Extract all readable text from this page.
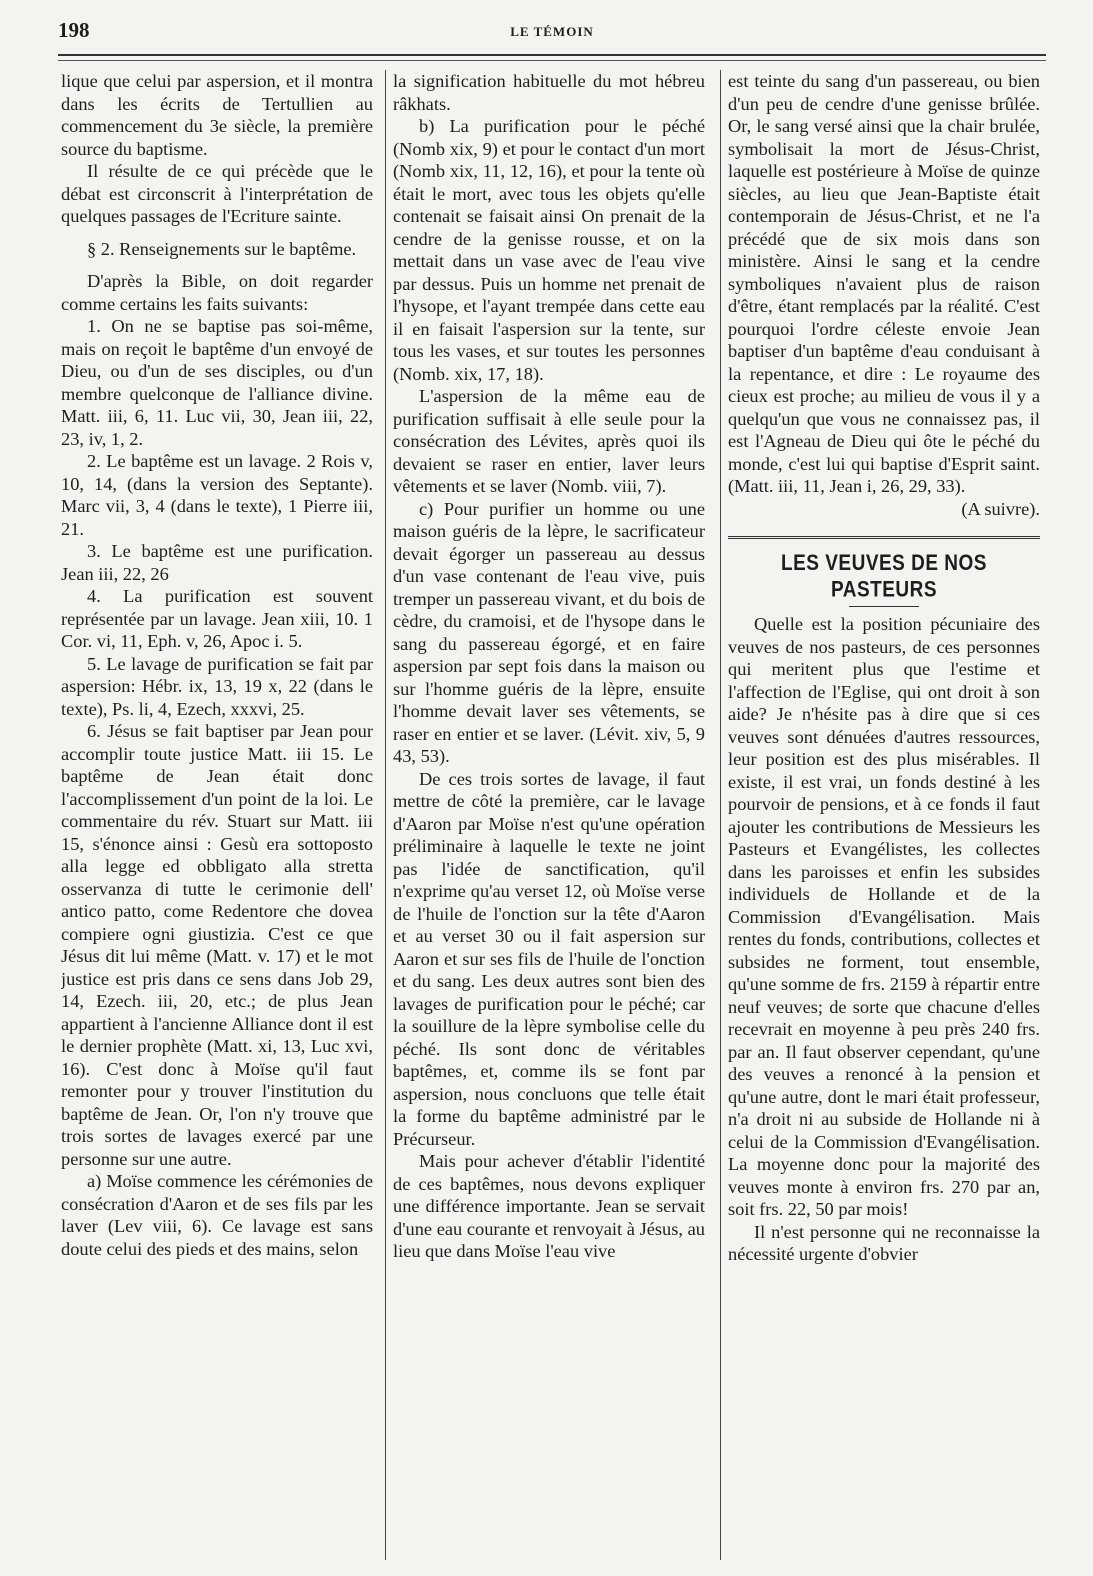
198	LE TÉMOIN

lique que celui par aspersion, et il montra dans les écrits de Tertullien au commencement du 3e siècle, la première source du baptisme.

Il résulte de ce qui précède que le débat est circonscrit à l'interprétation de quelques passages de l'Ecriture sainte.

§ 2. Renseignements sur le baptême.

D'après la Bible, on doit regarder comme certains les faits suivants:

1. On ne se baptise pas soi-même, mais on reçoit le baptême d'un envoyé de Dieu, ou d'un de ses disciples, ou d'un membre quelconque de l'alliance divine. Matt. iii, 6, 11. Luc vii, 30, Jean iii, 22, 23, iv, 1, 2.

2. Le baptême est un lavage. 2 Rois v, 10, 14, (dans la version des Septante). Marc vii, 3, 4 (dans le texte), 1 Pierre iii, 21.

3. Le baptême est une purification. Jean iii, 22, 26

4. La purification est souvent représentée par un lavage. Jean xiii, 10. 1 Cor. vi, 11, Eph. v, 26, Apoc i. 5.

5. Le lavage de purification se fait par aspersion: Hébr. ix, 13, 19 x, 22 (dans le texte), Ps. li, 4, Ezech, xxxvi, 25.

6. Jésus se fait baptiser par Jean pour accomplir toute justice Matt. iii 15. Le baptême de Jean était donc l'accomplissement d'un point de la loi. Le commentaire du rév. Stuart sur Matt. iii 15, s'énonce ainsi : Gesù era sottoposto alla legge ed obbligato alla stretta osservanza di tutte le cerimonie dell' antico patto, come Redentore che dovea compiere ogni giustizia. C'est ce que Jésus dit lui même (Matt. v. 17) et le mot justice est pris dans ce sens dans Job 29, 14, Ezech. iii, 20, etc.; de plus Jean appartient à l'ancienne Alliance dont il est le dernier prophète (Matt. xi, 13, Luc xvi, 16). C'est donc à Moïse qu'il faut remonter pour y trouver l'institution du baptême de Jean. Or, l'on n'y trouve que trois sortes de lavages exercé par une personne sur une autre.

a) Moïse commence les cérémonies de consécration d'Aaron et de ses fils par les laver (Lev viii, 6). Ce lavage est sans doute celui des pieds et des mains, selon

la signification habituelle du mot hébreu râkhats.

b) La purification pour le péché (Nomb xix, 9) et pour le contact d'un mort (Nomb xix, 11, 12, 16), et pour la tente où était le mort, avec tous les objets qu'elle contenait se faisait ainsi On prenait de la cendre de la genisse rousse, et on la mettait dans un vase avec de l'eau vive par dessus. Puis un homme net prenait de l'hysope, et l'ayant trempée dans cette eau il en faisait l'aspersion sur la tente, sur tous les vases, et sur toutes les personnes (Nomb. xix, 17, 18).

L'aspersion de la même eau de purification suffisait à elle seule pour la consécration des Lévites, après quoi ils devaient se raser en entier, laver leurs vêtements et se laver (Nomb. viii, 7).

c) Pour purifier un homme ou une maison guéris de la lèpre, le sacrificateur devait égorger un passereau au dessus d'un vase contenant de l'eau vive, puis tremper un passereau vivant, et du bois de cèdre, du cramoisi, et de l'hysope dans le sang du passereau égorgé, et en faire aspersion par sept fois dans la maison ou sur l'homme guéris de la lèpre, ensuite l'homme devait laver ses vêtements, se raser en entier et se laver. (Lévit. xiv, 5, 9 43, 53).

De ces trois sortes de lavage, il faut mettre de côté la première, car le lavage d'Aaron par Moïse n'est qu'une opération préliminaire à laquelle le texte ne joint pas l'idée de sanctification, qu'il n'exprime qu'au verset 12, où Moïse verse de l'huile de l'onction sur la tête d'Aaron et au verset 30 ou il fait aspersion sur Aaron et sur ses fils de l'huile de l'onction et du sang. Les deux autres sont bien des lavages de purification pour le péché; car la souillure de la lèpre symbolise celle du péché. Ils sont donc de véritables baptêmes, et, comme ils se font par aspersion, nous concluons que telle était la forme du baptême administré par le Précurseur.

Mais pour achever d'établir l'identité de ces baptêmes, nous devons expliquer une différence importante. Jean se servait d'une eau courante et renvoyait à Jésus, au lieu que dans Moïse l'eau vive

est teinte du sang d'un passereau, ou bien d'un peu de cendre d'une genisse brûlée. Or, le sang versé ainsi que la chair brulée, symbolisait la mort de Jésus-Christ, laquelle est postérieure à Moïse de quinze siècles, au lieu que Jean-Baptiste était contemporain de Jésus-Christ, et ne l'a précédé que de six mois dans son ministère. Ainsi le sang et la cendre symboliques n'avaient plus de raison d'être, étant remplacés par la réalité. C'est pourquoi l'ordre céleste envoie Jean baptiser d'un baptême d'eau conduisant à la repentance, et dire : Le royaume des cieux est proche; au milieu de vous il y a quelqu'un que vous ne connaissez pas, il est l'Agneau de Dieu qui ôte le péché du monde, c'est lui qui baptise d'Esprit saint. (Matt. iii, 11, Jean i, 26, 29, 33).

(A suivre).

LES VEUVES DE NOS PASTEURS

Quelle est la position pécuniaire des veuves de nos pasteurs, de ces personnes qui meritent plus que l'estime et l'affection de l'Eglise, qui ont droit à son aide? Je n'hésite pas à dire que si ces veuves sont dénuées d'autres ressources, leur position est des plus misérables. Il existe, il est vrai, un fonds destiné à les pourvoir de pensions, et à ce fonds il faut ajouter les contributions de Messieurs les Pasteurs et Evangélistes, les collectes dans les paroisses et enfin les subsides individuels de Hollande et de la Commission d'Evangélisation. Mais rentes du fonds, contributions, collectes et subsides ne forment, tout ensemble, qu'une somme de frs. 2159 à répartir entre neuf veuves; de sorte que chacune d'elles recevrait en moyenne à peu près 240 frs. par an. Il faut observer cependant, qu'une des veuves a renoncé à la pension et qu'une autre, dont le mari était professeur, n'a droit ni au subside de Hollande ni à celui de la Commission d'Evangélisation. La moyenne donc pour la majorité des veuves monte à environ frs. 270 par an, soit frs. 22, 50 par mois!

Il n'est personne qui ne reconnaisse la nécessité urgente d'obvier
